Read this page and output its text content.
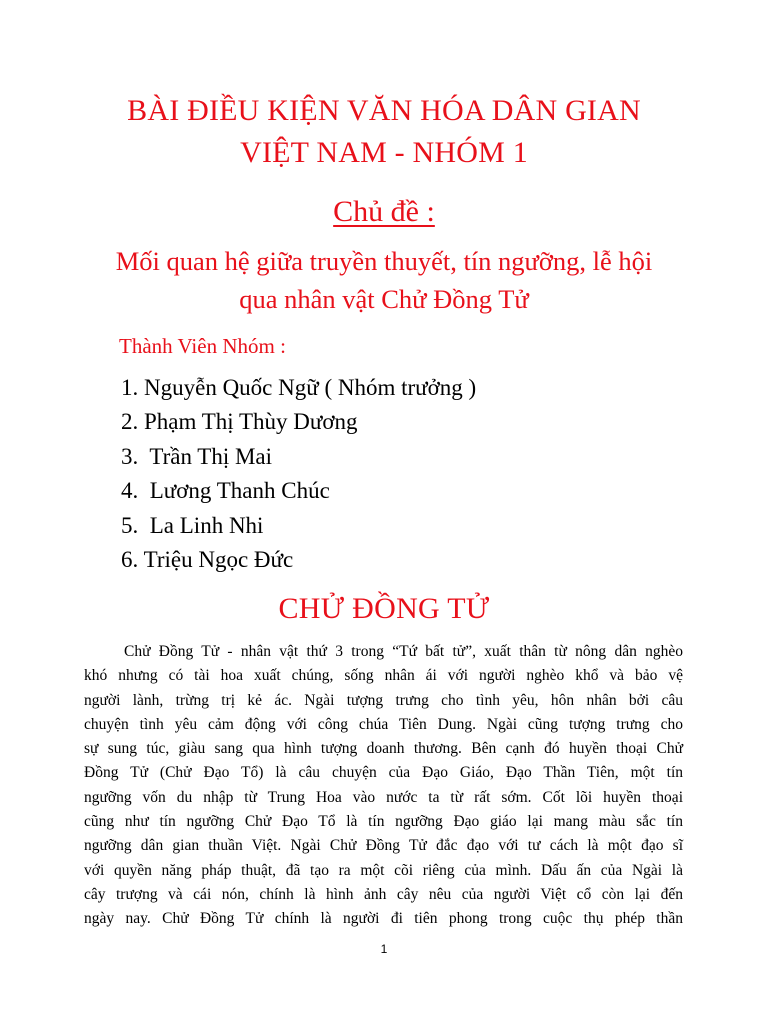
BÀI ĐIỀU KIỆN VĂN HÓA DÂN GIAN
VIỆT NAM - NHÓM 1
Chủ đề :
Mối quan hệ giữa truyền thuyết, tín ngưỡng, lễ hội
qua nhân vật Chử Đồng Tử
Thành Viên Nhóm :
1. Nguyễn Quốc Ngữ ( Nhóm trưởng )
2. Phạm Thị Thùy Dương
3.  Trần Thị Mai
4.  Lương Thanh Chúc
5.  La Linh Nhi
6. Triệu Ngọc Đức
CHỬ ĐỒNG TỬ
Chử Đồng Tử - nhân vật thứ 3 trong “Tứ bất tử”, xuất thân từ nông dân nghèo
khó nhưng có tài hoa xuất chúng, sống nhân ái với người nghèo khổ và bảo vệ
người lành, trừng trị kẻ ác. Ngài tượng trưng cho tình yêu, hôn nhân bởi câu
chuyện tình yêu cảm động với công chúa Tiên Dung. Ngài cũng tượng trưng cho
sự sung túc, giàu sang qua hình tượng doanh thương. Bên cạnh đó huyền thoại Chử
Đồng Tử (Chử Đạo Tổ) là câu chuyện của Đạo Giáo, Đạo Thần Tiên, một tín
ngưỡng vốn du nhập từ Trung Hoa vào nước ta từ rất sớm. Cốt lõi huyền thoại
cũng như tín ngưỡng Chử Đạo Tổ là tín ngưỡng Đạo giáo lại mang màu sắc tín
ngưỡng dân gian thuần Việt. Ngài Chử Đồng Tử đắc đạo với tư cách là một đạo sĩ
với quyền năng pháp thuật, đã tạo ra một cõi riêng của mình. Dấu ấn của Ngài là
cây trượng và cái nón, chính là hình ảnh cây nêu của người Việt cổ còn lại đến
ngày nay. Chử Đồng Tử chính là người đi tiên phong trong cuộc thụ phép thần
1
